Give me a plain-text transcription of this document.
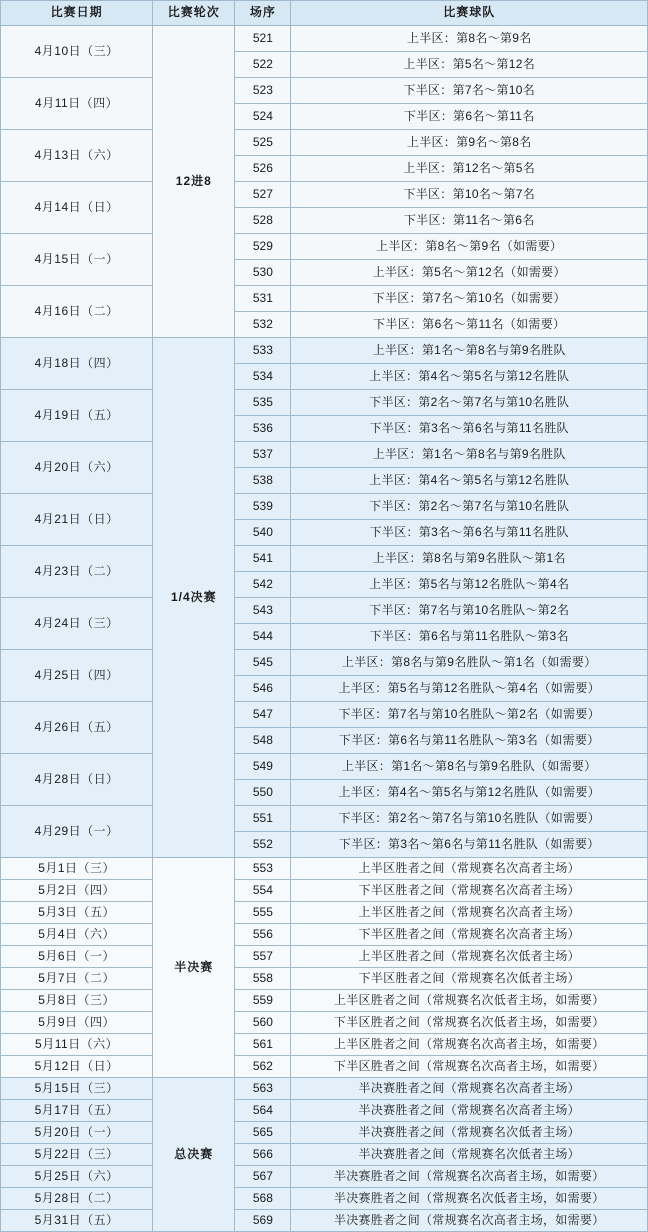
比赛日期	比赛轮次	场序	比赛球队
4月10日（三）	12进8	521	上半区：第8名～第9名
		522	上半区：第5名～第12名
4月11日（四）		523	下半区：第7名～第10名
		524	下半区：第6名～第11名
4月13日（六）		525	上半区：第9名～第8名
		526	上半区：第12名～第5名
4月14日（日）		527	下半区：第10名～第7名
		528	下半区：第11名～第6名
4月15日（一）		529	上半区：第8名～第9名（如需要）
		530	上半区：第5名～第12名（如需要）
4月16日（二）		531	下半区：第7名～第10名（如需要）
		532	下半区：第6名～第11名（如需要）
4月18日（四）	1/4决赛	533	上半区：第1名～第8名与第9名胜队
		534	上半区：第4名～第5名与第12名胜队
4月19日（五）		535	下半区：第2名～第7名与第10名胜队
		536	下半区：第3名～第6名与第11名胜队
4月20日（六）		537	上半区：第1名～第8名与第9名胜队
		538	上半区：第4名～第5名与第12名胜队
4月21日（日）		539	下半区：第2名～第7名与第10名胜队
		540	下半区：第3名～第6名与第11名胜队
4月23日（二）		541	上半区：第8名与第9名胜队～第1名
		542	上半区：第5名与第12名胜队～第4名
4月24日（三）		543	下半区：第7名与第10名胜队～第2名
		544	下半区：第6名与第11名胜队～第3名
4月25日（四）		545	上半区：第8名与第9名胜队～第1名（如需要）
		546	上半区：第5名与第12名胜队～第4名（如需要）
4月26日（五）		547	下半区：第7名与第10名胜队～第2名（如需要）
		548	下半区：第6名与第11名胜队～第3名（如需要）
4月28日（日）		549	上半区：第1名～第8名与第9名胜队（如需要）
		550	上半区：第4名～第5名与第12名胜队（如需要）
4月29日（一）		551	下半区：第2名～第7名与第10名胜队（如需要）
		552	下半区：第3名～第6名与第11名胜队（如需要）
5月1日（三）	半决赛	553	上半区胜者之间（常规赛名次高者主场）
5月2日（四）		554	下半区胜者之间（常规赛名次高者主场）
5月3日（五）		555	上半区胜者之间（常规赛名次高者主场）
5月4日（六）		556	下半区胜者之间（常规赛名次高者主场）
5月6日（一）		557	上半区胜者之间（常规赛名次低者主场）
5月7日（二）		558	下半区胜者之间（常规赛名次低者主场）
5月8日（三）		559	上半区胜者之间（常规赛名次低者主场，如需要）
5月9日（四）		560	下半区胜者之间（常规赛名次低者主场，如需要）
5月11日（六）		561	上半区胜者之间（常规赛名次高者主场，如需要）
5月12日（日）		562	下半区胜者之间（常规赛名次高者主场，如需要）
5月15日（三）	总决赛	563	半决赛胜者之间（常规赛名次高者主场）
5月17日（五）		564	半决赛胜者之间（常规赛名次高者主场）
5月20日（一）		565	半决赛胜者之间（常规赛名次低者主场）
5月22日（三）		566	半决赛胜者之间（常规赛名次低者主场）
5月25日（六）		567	半决赛胜者之间（常规赛名次高者主场，如需要）
5月28日（二）		568	半决赛胜者之间（常规赛名次低者主场，如需要）
5月31日（五）		569	半决赛胜者之间（常规赛名次高者主场，如需要）
